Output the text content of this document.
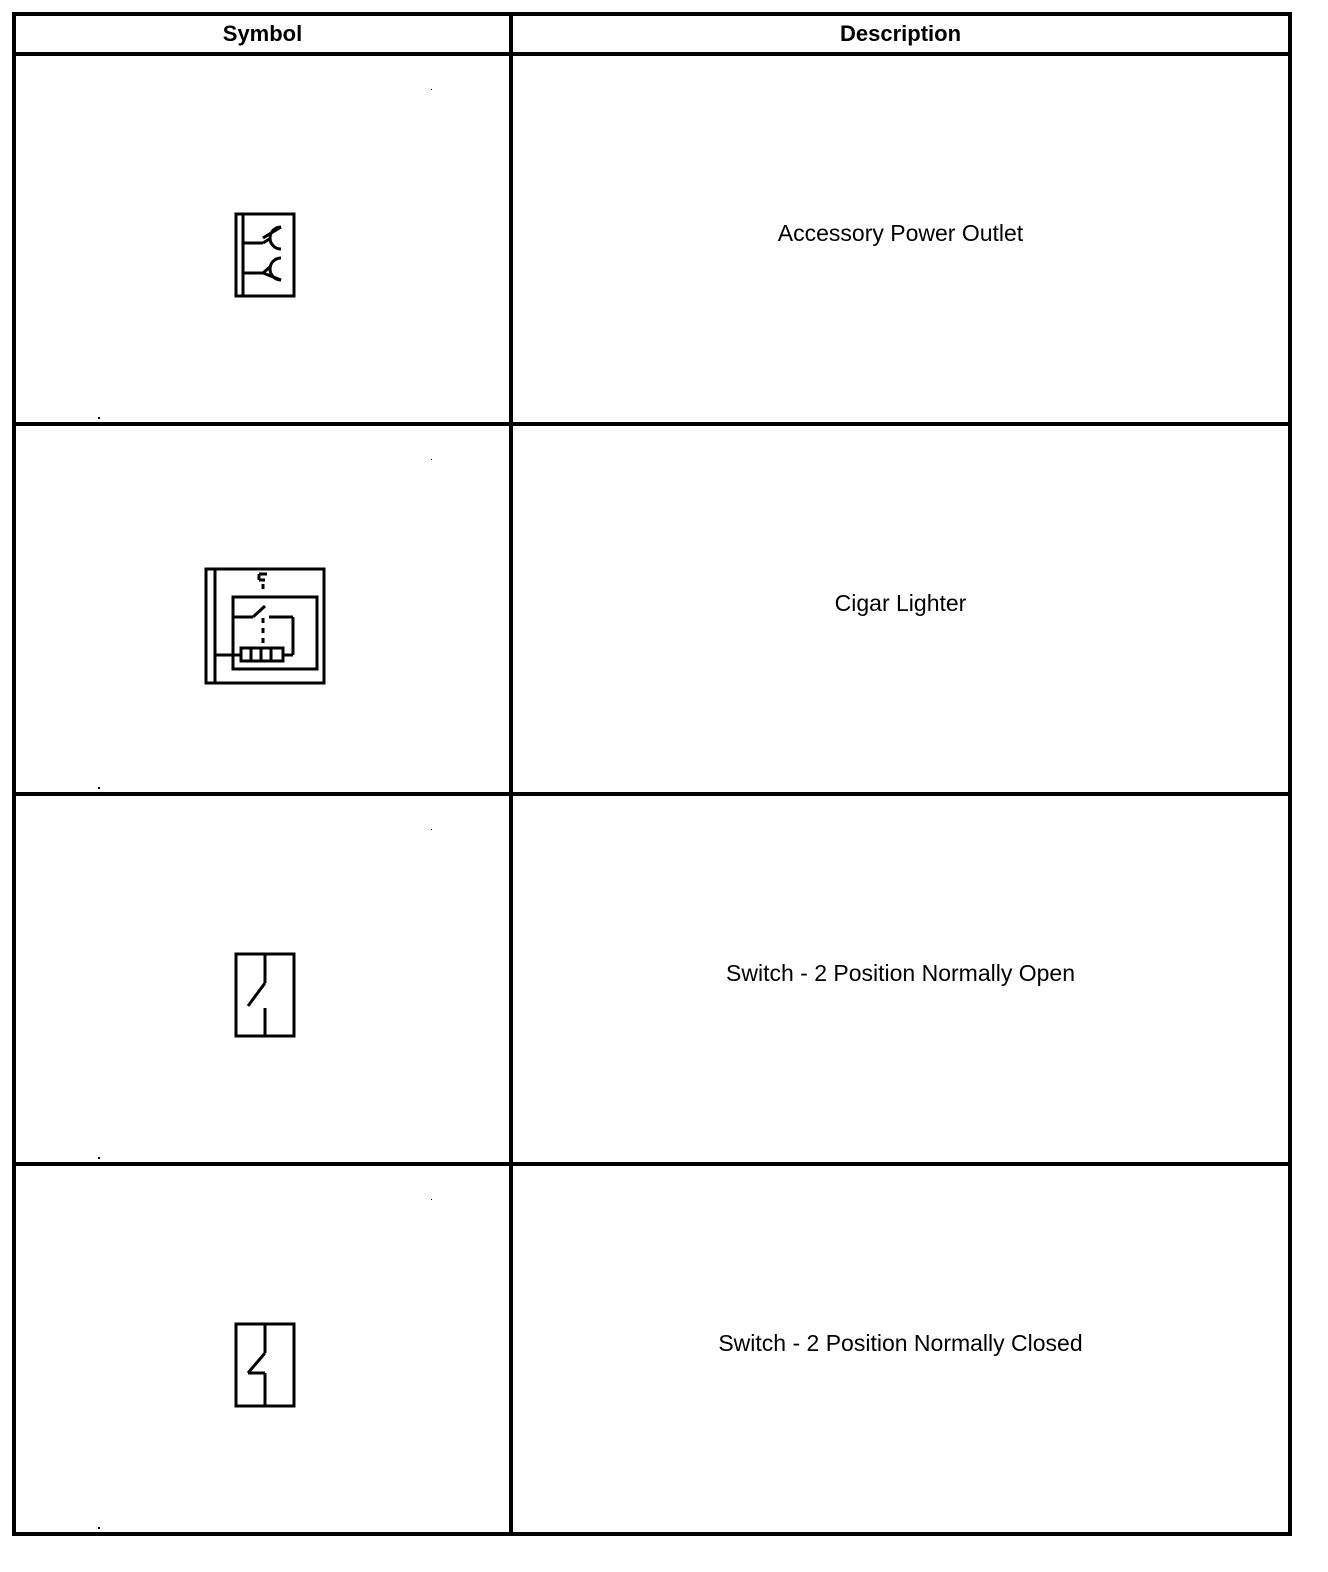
Symbol	Description

	Accessory Power Outlet

	Cigar Lighter

	Switch - 2 Position Normally Open

	Switch - 2 Position Normally Closed
